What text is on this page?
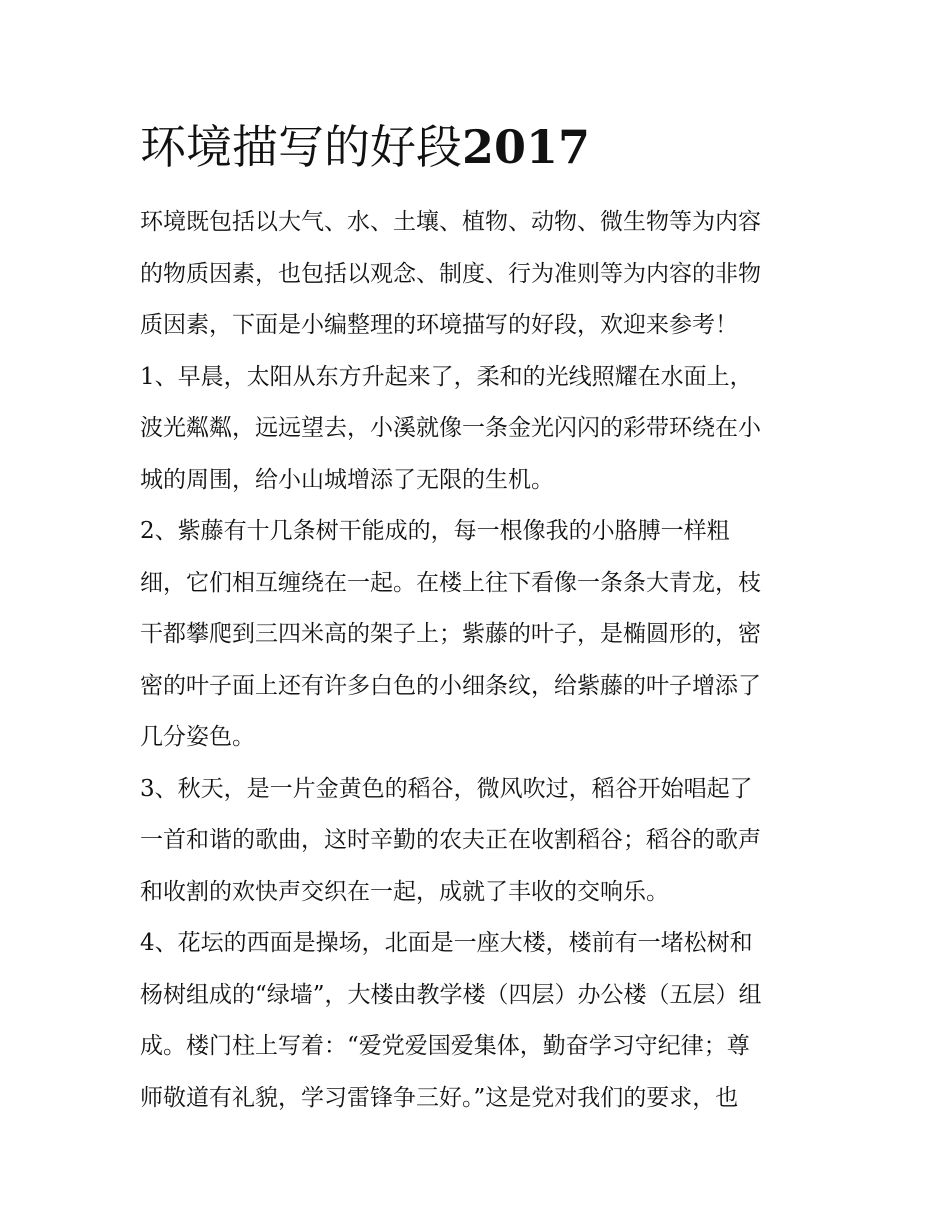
环境描写的好段2017
环境既包括以大气、水、土壤、植物、动物、微生物等为内容
的物质因素，也包括以观念、制度、行为准则等为内容的非物
质因素，下面是小编整理的环境描写的好段，欢迎来参考！
1、早晨，太阳从东方升起来了，柔和的光线照耀在水面上，
波光粼粼，远远望去，小溪就像一条金光闪闪的彩带环绕在小
城的周围，给小山城增添了无限的生机。
2、紫藤有十几条树干能成的，每一根像我的小胳膊一样粗
细，它们相互缠绕在一起。在楼上往下看像一条条大青龙，枝
干都攀爬到三四米高的架子上；紫藤的叶子，是椭圆形的，密
密的叶子面上还有许多白色的小细条纹，给紫藤的叶子增添了
几分姿色。
3、秋天，是一片金黄色的稻谷，微风吹过，稻谷开始唱起了
一首和谐的歌曲，这时辛勤的农夫正在收割稻谷；稻谷的歌声
和收割的欢快声交织在一起，成就了丰收的交响乐。
4、花坛的西面是操场，北面是一座大楼，楼前有一堵松树和
杨树组成的“绿墙”，大楼由教学楼（四层）办公楼（五层）组
成。楼门柱上写着：“爱党爱国爱集体，勤奋学习守纪律；尊
师敬道有礼貌，学习雷锋争三好。”这是党对我们的要求，也
